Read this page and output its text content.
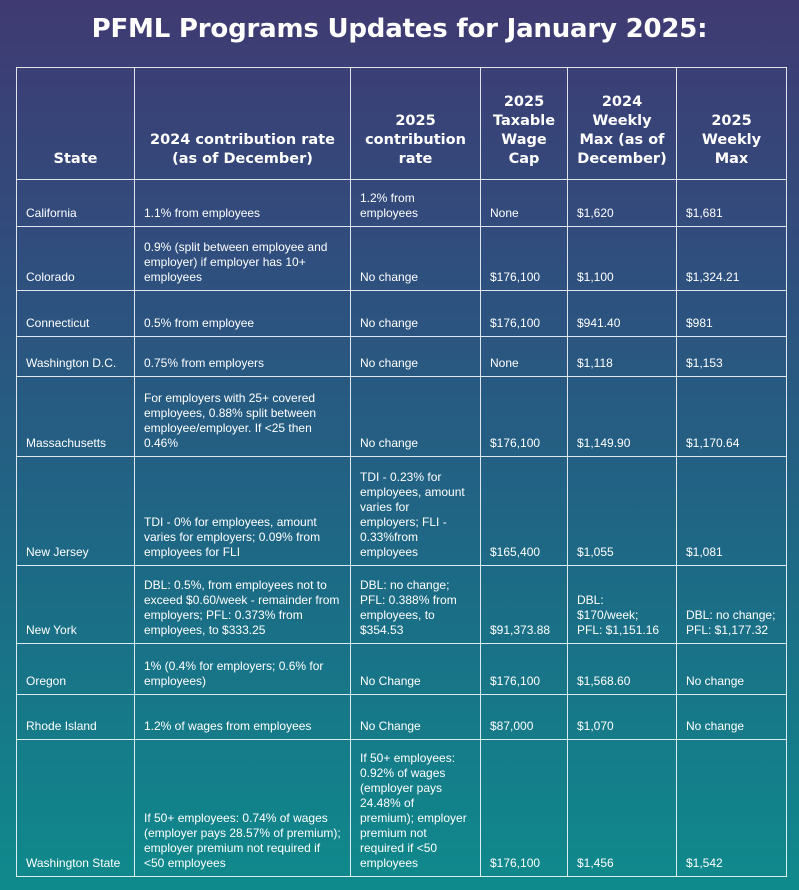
PFML Programs Updates for January 2025:
State	2024 contribution rate (as of December)	2025 contribution rate	2025 Taxable Wage Cap	2024 Weekly Max (as of December)	2025 Weekly Max
California	1.1% from employees	1.2% from employees	None	$1,620	$1,681
Colorado	0.9% (split between employee and employer) if employer has 10+ employees	No change	$176,100	$1,100	$1,324.21
Connecticut	0.5% from employee	No change	$176,100	$941.40	$981
Washington D.C.	0.75% from employers	No change	None	$1,118	$1,153
Massachusetts	For employers with 25+ covered employees, 0.88% split between employee/employer. If <25 then 0.46%	No change	$176,100	$1,149.90	$1,170.64
New Jersey	TDI - 0% for employees, amount varies for employers; 0.09% from employees for FLI	TDI - 0.23% for employees, amount varies for employers; FLI - 0.33%from employees	$165,400	$1,055	$1,081
New York	DBL: 0.5%, from employees not to exceed $0.60/week - remainder from employers; PFL: 0.373% from employees, to $333.25	DBL: no change; PFL: 0.388% from employees, to $354.53	$91,373.88	DBL: $170/week; PFL: $1,151.16	DBL: no change; PFL: $1,177.32
Oregon	1% (0.4% for employers; 0.6% for employees)	No Change	$176,100	$1,568.60	No change
Rhode Island	1.2% of wages from employees	No Change	$87,000	$1,070	No change
Washington State	If 50+ employees: 0.74% of wages (employer pays 28.57% of premium); employer premium not required if <50 employees	If 50+ employees: 0.92% of wages (employer pays 24.48% of premium); employer premium not required if <50 employees	$176,100	$1,456	$1,542
